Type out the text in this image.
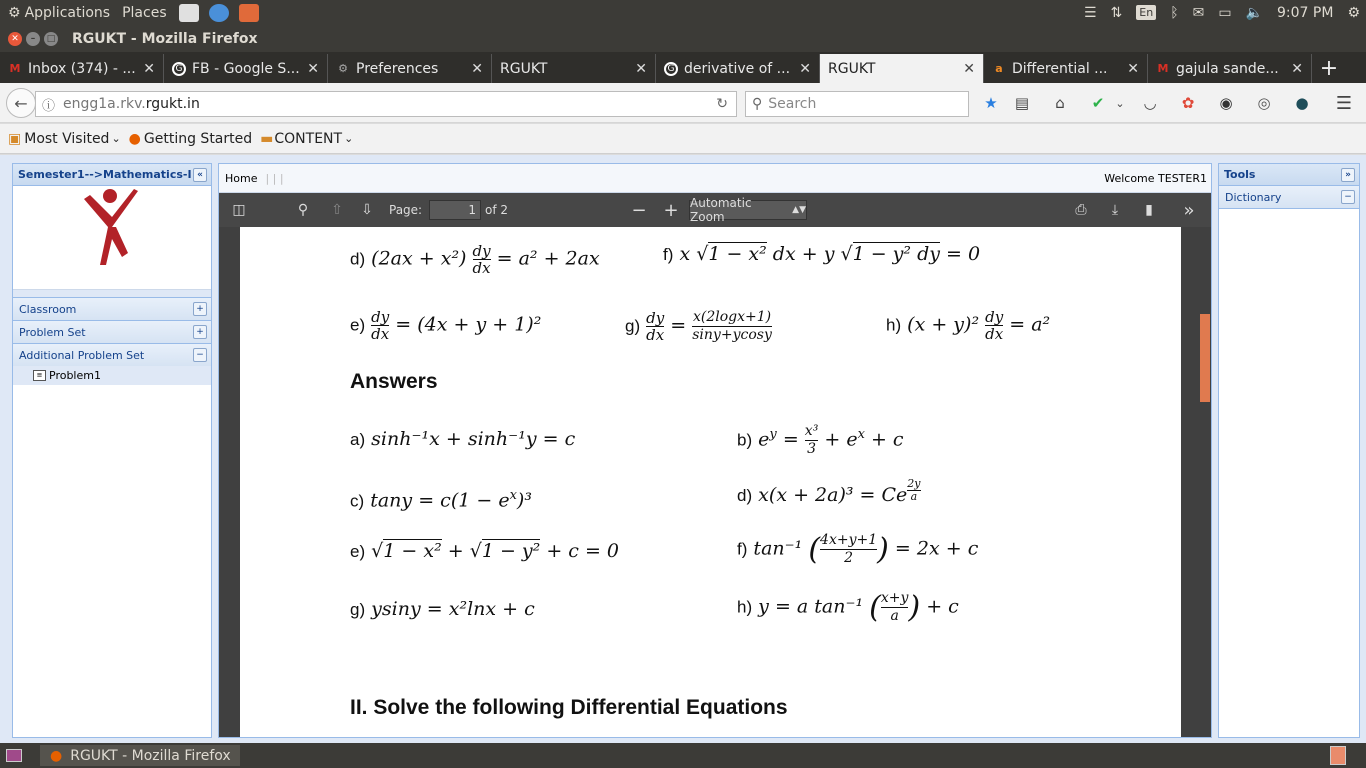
⚙ Applications Places	☰ ⇅ En ᛒ ✉ ▭ 🔈 9:07 PM ⚙
✕	–	□ RGUKT - Mozilla Firefox
M Inbox (374) - ... ✕	G FB - Google S... ✕ ⚙ Preferences	✕ RGUKT	✕	G derivative of ... ✕ RGUKT	✕ a Differential ...	✕ M gajula sande... ✕ +
← ⓘ engg1a.rkv. rgukt.in	↻ ⚲ Search	★	▤	⌂	✔	⌄	◡	✿	◉	◎	●	☰
▣ Most Visited ⌄ ● Getting Started ▬ CONTENT ⌄
Semester1-->Mathematics-I «
Classroom	+
Problem Set	+
Additional Problem Set	−
≡ Problem1
Home | | |	Welcome TESTER1 Tools	»
Dictionary	−
◫	⚲	⇧ ⇩	Page:	1 of 2	− + Automatic Zoom	▲▼	⎙	⤓	▮	»
d) $(2ax + x^2) \frac{dy}{dx} = a^2 + 2ax$	f) x √1 − x² dx + y √1 − y² dy = 0
$e) \frac{dy}{dx} = (4x + y + 1)^2$	$g) \frac{dy}{dx} = \frac{x(2\log x+1)}{\sin y+ycosy}$	h) $(x + y)^2 \frac{dy}{dx} = a^2$
Answers
a) sinh⁻¹x + sinh⁻¹y = c	b) $e^y = \frac{\text{x³}}{3} + e^x + c$
c) $\tan y = c(1 - e^x)^3$	d) x(x + 2a)³ = Ce $\frac{2y}{a}$
e) √1 − x² + √1 − y² + c = 0	f) tan⁻¹ ( $\frac{4x+y+1}{2}$ ) = 2x + c
g) ysiny = x²lnx + c	h) y = a tan⁻¹ ( $\frac{x+y}{a}$ ) + c
II. Solve the following Differential Equations
● RGUKT - Mozilla Firefox
